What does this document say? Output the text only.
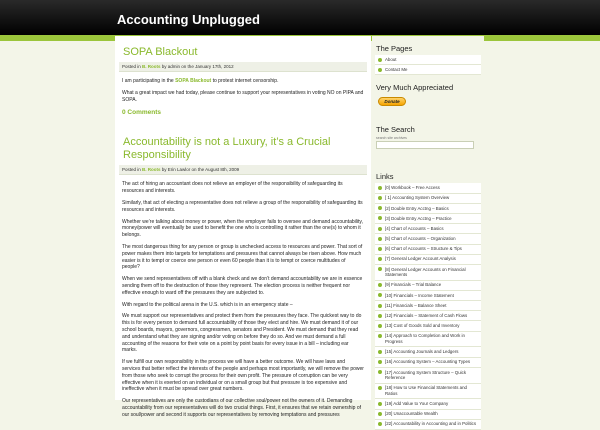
Accounting Unplugged
SOPA Blackout
Posted in B. Roots by admin on the January 17th, 2012
I am participating in the SOPA Blackout to protest internet censorship.
What a great impact we had today, please continue to support your representatives in voting NO on PIPA and SOPA.
0 Comments
Accountability is not a Luxury, it’s a Crucial Responsibility
Posted in B. Roots by Erin Lawlor on the August 8th, 2009
The act of hiring an accountant does not relieve an employer of the responsibility of safeguarding its resources and interests.
Similarly, that act of electing a representative does not relieve a group of the responsibility of safeguarding its resources and interests.
Whether we’re talking about money or power, when the employer fails to oversee and demand accountability, money/power will eventually be used to benefit the one who is controlling it rather than the one(s) to whom it belongs.
The most dangerous thing for any person or group is unchecked access to resources and power. That sort of power makes them into targets for temptations and pressures that cannot always be risen above. How much easier is it to tempt or coerce one person or even 60 people than it is to tempt or coerce multitudes of people?
When we send representatives off with a blank check and we don’t demand accountability we are in essence sending them off to the destruction of those they represent. The election process is neither frequent nor effective enough to ward off the pressures they are subjected to.
With regard to the political arena in the U.S. which is in an emergency state –
We must support our representatives and protect them from the pressures they face. The quickest way to do this is for every person to demand full accountability of those they elect and hire. We must demand it of our school boards, mayors, governors, congressmen, senators and President. We must demand that they read and understand what they are signing and/or voting on before they do so. And we must demand a full accounting of the reasons for their vote on a point by point basis for every issue in a bill – including ear marks.
If we fulfill our own responsibility in the process we will have a better outcome. We will have laws and services that better reflect the interests of the people and perhaps most importantly, we will remove the power from those who seek to corrupt the process for their own profit. The pressure of corruption can be very effective when it is exerted on an individual or on a small group but that pressure is too expensive and ineffective when it must be spread over great numbers.
Our representatives are only the custodians of our collective soul/power not the owners of it. Demanding accountability from our representatives will do two crucial things. First, it ensures that we retain ownership of our soul/power and second it supports our representatives by removing temptations and pressures
The Pages
About
Contact Me
Very Much Appreciated
Donate
The Search
search site archives
Links
[0] Workbook – Free Access
[ 1] Accounting System Overview
[2] Double Entry Acctng – Basics
[3] Double Entry Acctng – Practice
[4] Chart of Accounts – Basics
[5] Chart of Accounts – Organization
[6] Chart of Accounts – Structure & Tips
[7] General Ledger Account Analysis
[8] General Ledger Accounts on Financial Statements
[9] Financials – Trial Balance
[10] Financials – Income Statement
[11] Financials – Balance Sheet
[12] Financials – Statement of Cash Flows
[13] Cost of Goods Sold and Inventory
[14] Approach to Completion and Work in Progress
[15] Accounting Journals and Ledgers
[16] Accounting System – Accounting Types
[17] Accounting System Structure – Quick Reference
[18] How to Use Financial Statements and Ratios
[19] Add Value to Your Company
[20] Unaccountable Wealth
[22] Accountability in Accounting and in Politics
